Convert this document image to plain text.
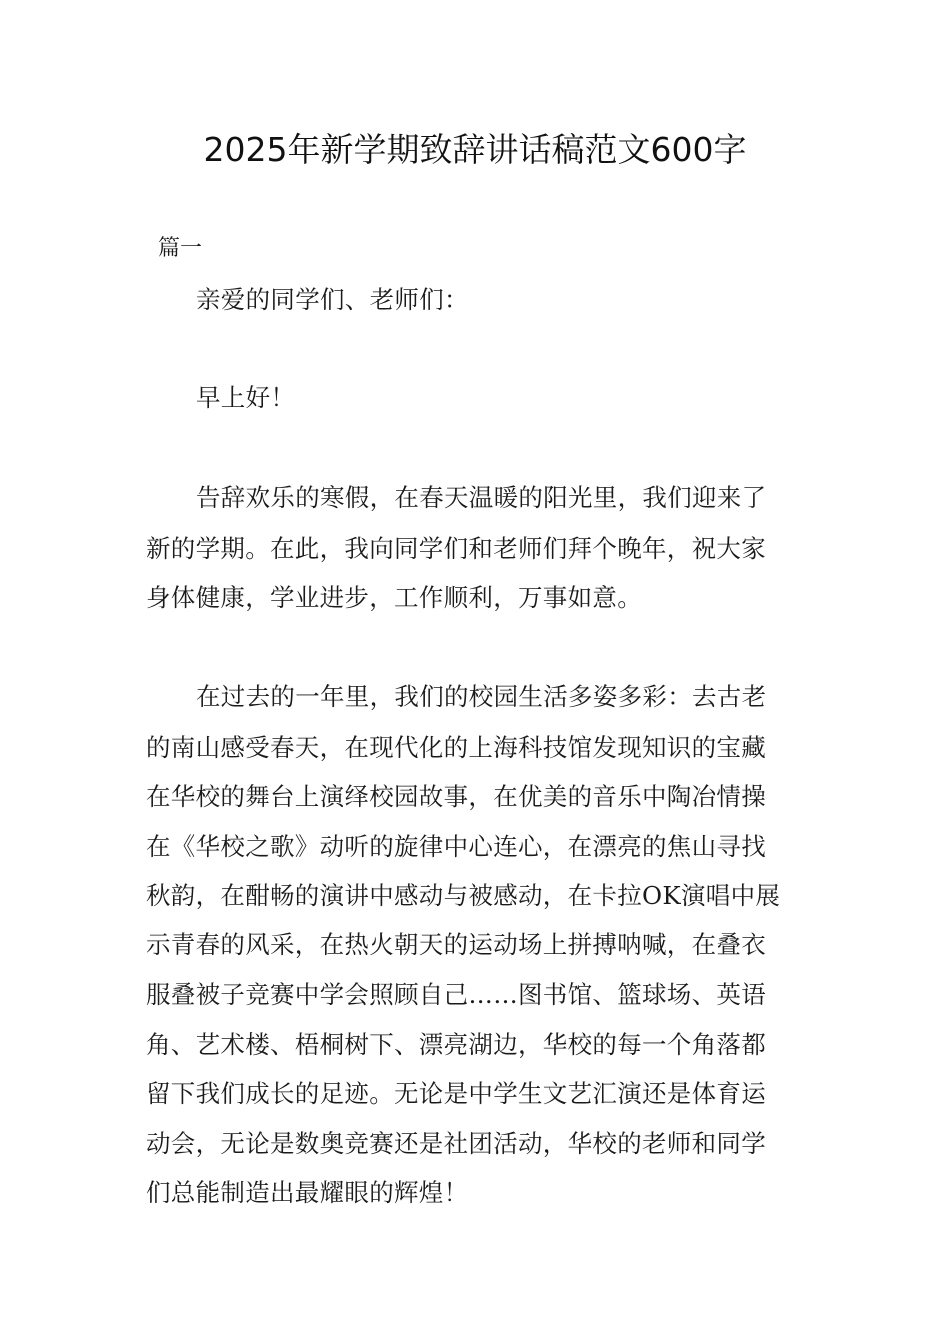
2025年新学期致辞讲话稿范文600字
篇一
亲爱的同学们、老师们：
早上好！
告辞欢乐的寒假，在春天温暖的阳光里，我们迎来了
新的学期。在此，我向同学们和老师们拜个晚年，祝大家
身体健康，学业进步，工作顺利，万事如意。
在过去的一年里，我们的校园生活多姿多彩：去古老
的南山感受春天，在现代化的上海科技馆发现知识的宝藏
在华校的舞台上演绎校园故事，在优美的音乐中陶冶情操
在《华校之歌》动听的旋律中心连心，在漂亮的焦山寻找
秋韵，在酣畅的演讲中感动与被感动，在卡拉OK演唱中展
示青春的风采，在热火朝天的运动场上拼搏呐喊，在叠衣
服叠被子竞赛中学会照顾自己……图书馆、篮球场、英语
角、艺术楼、梧桐树下、漂亮湖边，华校的每一个角落都
留下我们成长的足迹。无论是中学生文艺汇演还是体育运
动会，无论是数奥竞赛还是社团活动，华校的老师和同学
们总能制造出最耀眼的辉煌！
